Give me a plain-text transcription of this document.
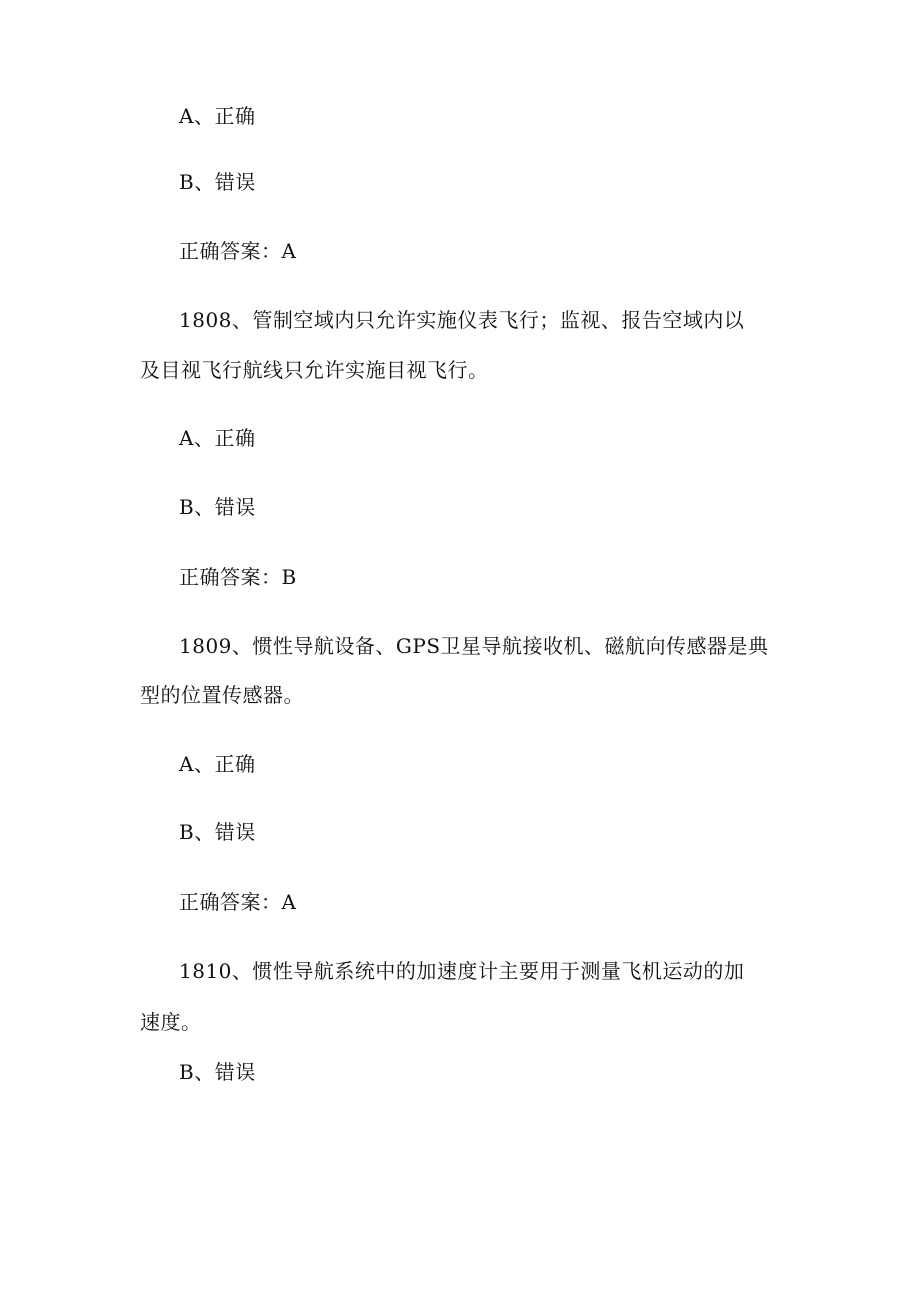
A、正确
B、错误
正确答案：A
1808、管制空域内只允许实施仪表飞行；监视、报告空域内以
及目视飞行航线只允许实施目视飞行。
A、正确
B、错误
正确答案：B
1809、惯性导航设备、GPS卫星导航接收机、磁航向传感器是典
型的位置传感器。
A、正确
B、错误
正确答案：A
1810、惯性导航系统中的加速度计主要用于测量飞机运动的加
速度。
B、错误
